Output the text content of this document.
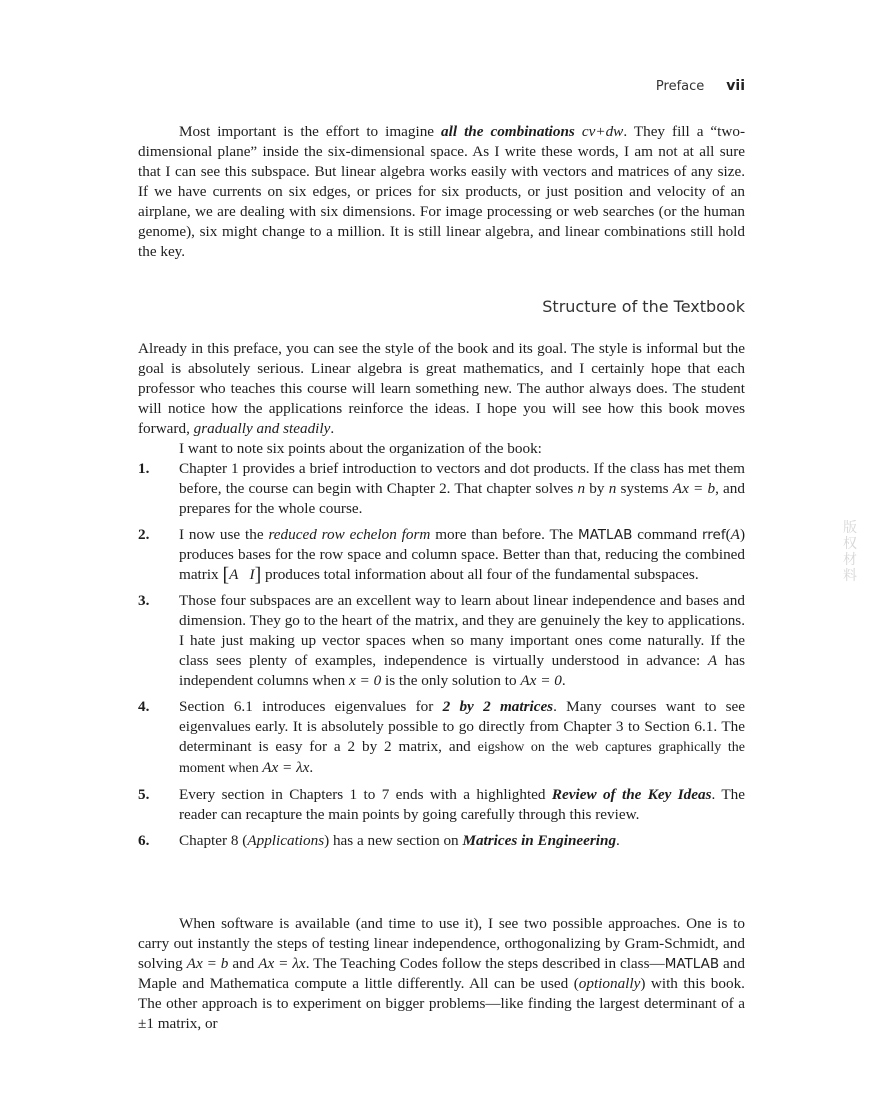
Preface vii

Most important is the effort to imagine all the combinations cv+dw. They fill a “two-dimensional plane” inside the six-dimensional space. As I write these words, I am not at all sure that I can see this subspace. But linear algebra works easily with vectors and matrices of any size. If we have currents on six edges, or prices for six products, or just position and velocity of an airplane, we are dealing with six dimensions. For image processing or web searches (or the human genome), six might change to a million. It is still linear algebra, and linear combinations still hold the key.

Structure of the Textbook

Already in this preface, you can see the style of the book and its goal. The style is informal but the goal is absolutely serious. Linear algebra is great mathematics, and I certainly hope that each professor who teaches this course will learn something new. The author always does. The student will notice how the applications reinforce the ideas. I hope you will see how this book moves forward, gradually and steadily.

I want to note six points about the organization of the book:

1. Chapter 1 provides a brief introduction to vectors and dot products. If the class has met them before, the course can begin with Chapter 2. That chapter solves n by n systems Ax = b, and prepares for the whole course.
2. I now use the reduced row echelon form more than before. The MATLAB command rref(A) produces bases for the row space and column space. Better than that, reducing the combined matrix [A   I] produces total information about all four of the fundamental subspaces.
3. Those four subspaces are an excellent way to learn about linear independence and bases and dimension. They go to the heart of the matrix, and they are genuinely the key to applications. I hate just making up vector spaces when so many important ones come naturally. If the class sees plenty of examples, independence is virtually understood in advance: A has independent columns when x = 0 is the only solution to Ax = 0.
4. Section 6.1 introduces eigenvalues for 2 by 2 matrices. Many courses want to see eigenvalues early. It is absolutely possible to go directly from Chapter 3 to Section 6.1. The determinant is easy for a 2 by 2 matrix, and eigshow on the web captures graphically the moment when Ax = λx.
5. Every section in Chapters 1 to 7 ends with a highlighted Review of the Key Ideas. The reader can recapture the main points by going carefully through this review.
6. Chapter 8 (Applications) has a new section on Matrices in Engineering.

When software is available (and time to use it), I see two possible approaches. One is to carry out instantly the steps of testing linear independence, orthogonalizing by Gram-Schmidt, and solving Ax = b and Ax = λx. The Teaching Codes follow the steps described in class—MATLAB and Maple and Mathematica compute a little differently. All can be used (optionally) with this book. The other approach is to experiment on bigger problems—like finding the largest determinant of a ±1 matrix, or

版
权
材
料
